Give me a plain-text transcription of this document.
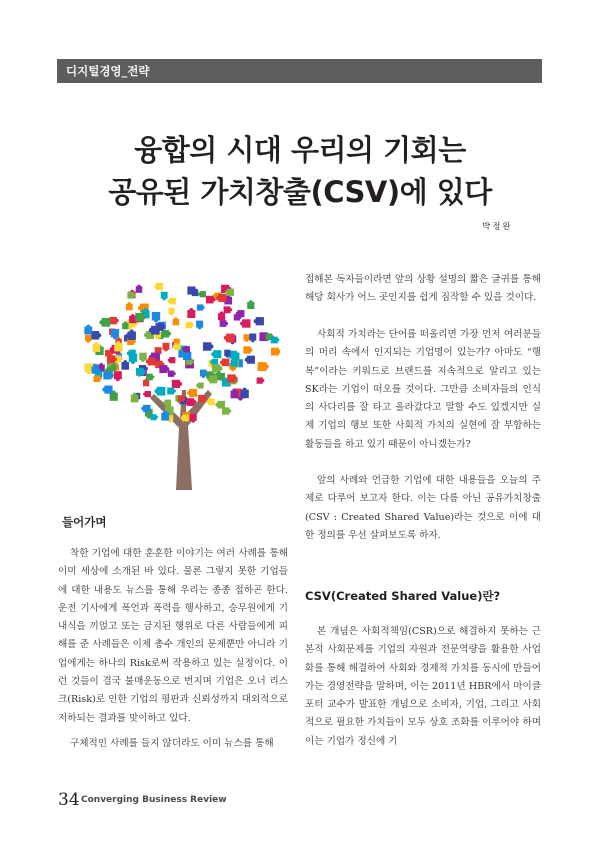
디지털경영_전략
융합의 시대 우리의 기회는
공유된 가치창출(CSV)에 있다
박정완
들어가며

착한 기업에 대한 훈훈한 이야기는 여러 사례를 통해 이미 세상에 소개된 바 있다. 물론 그렇지 못한 기업들에 대한 내용도 뉴스를 통해 우리는 종종 접하곤 한다. 운전 기사에게 폭언과 폭력을 행사하고, 승무원에게 기내식을 끼얹고 또는 금지된 행위로 다른 사람들에게 피해를 준 사례들은 이제 총수 개인의 문제뿐만 아니라 기업에게는 하나의 Risk로써 작용하고 있는 실정이다. 이런 것들이 결국 불매운동으로 번지며 기업은 오너 리스크(Risk)로 인한 기업의 평판과 신뢰성까지 대외적으로 저하되는 결과를 맞이하고 있다.

구체적인 사례를 들지 않더라도 이미 뉴스를 통해

접해본 독자들이라면 앞의 상황 설명의 짧은 글귀를 통해 해당 회사가 어느 곳인지를 쉽게 짐작할 수 있을 것이다.

사회적 가치라는 단어를 떠올리면 가장 먼저 여러분들의 머리 속에서 인지되는 기업명이 있는가? 아마도 “행복”이라는 키워드로 브랜드를 지속적으로 알리고 있는 SK라는 기업이 떠오를 것이다. 그만큼 소비자들의 인식의 사다리를 잘 타고 올라갔다고 말할 수도 있겠지만 실제 기업의 행보 또한 사회적 가치의 실현에 잘 부합하는 활동들을 하고 있기 때문이 아니겠는가?

앞의 사례와 언급한 기업에 대한 내용들을 오늘의 주제로 다루어 보고자 한다. 이는 다름 아닌 공유가치창출(CSV : Created Shared Value)라는 것으로 이에 대한 정의를 우선 살펴보도록 하자.

CSV(Created Shared Value)란?

본 개념은 사회적책임(CSR)으로 해결하지 못하는 근본적 사회문제를 기업의 자원과 전문역량을 활용한 사업화를 통해 해결하여 사회와 경제적 가치를 동시에 만들어가는 경영전략을 말하며, 이는 2011년 HBR에서 마이클 포터 교수가 발표한 개념으로 소비자, 기업, 그리고 사회적으로 필요한 가치들이 모두 상호 조화를 이루어야 하며 이는 기업가 정신에 기

34 Converging Business Review
